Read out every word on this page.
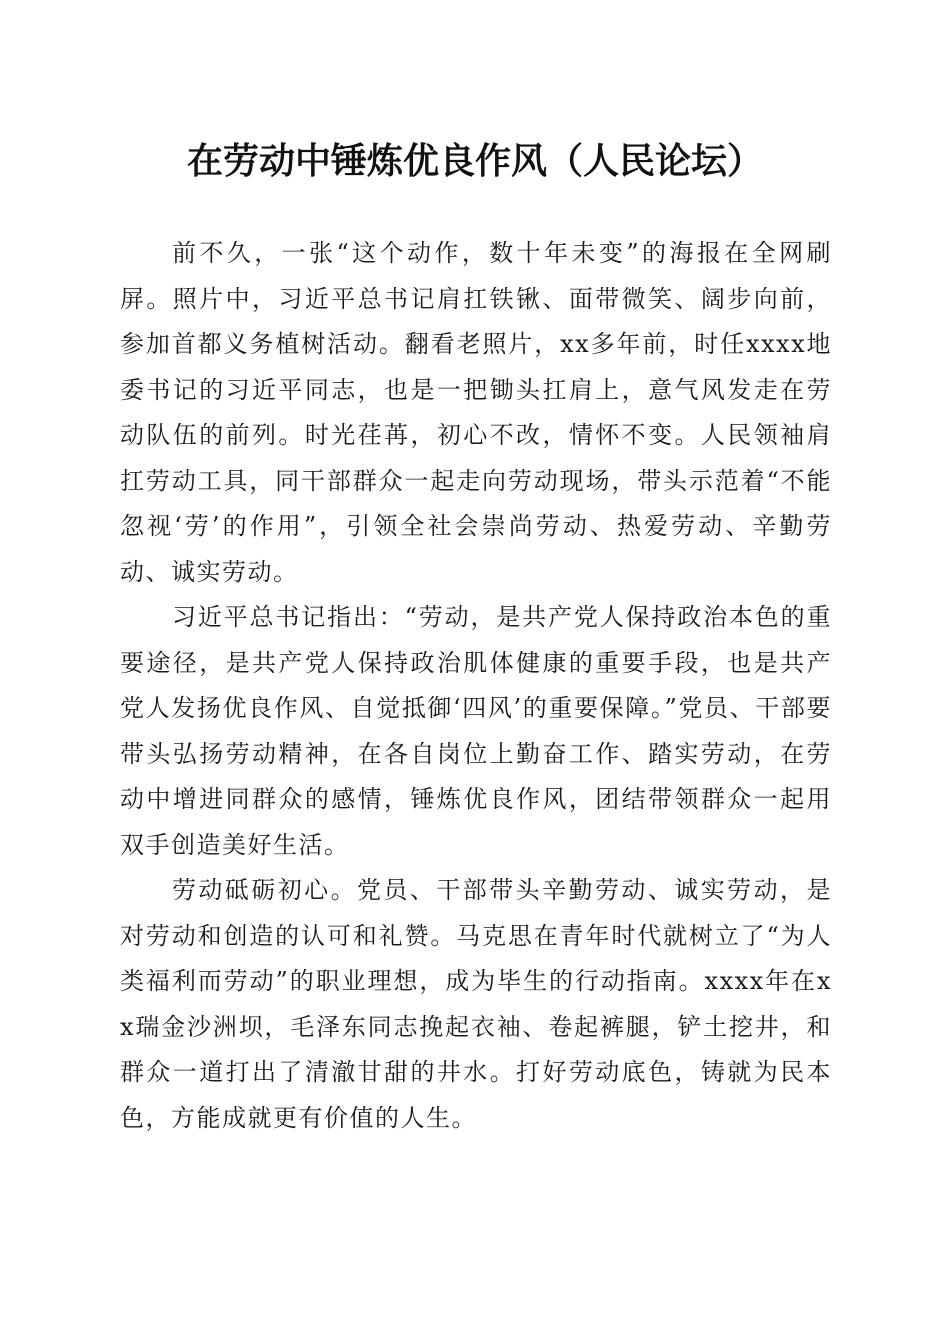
在劳动中锤炼优良作风（人民论坛）

前不久，一张“这个动作，数十年未变”的海报在全网刷屏。照片中，习近平总书记肩扛铁锹、面带微笑、阔步向前，参加首都义务植树活动。翻看老照片，xx多年前，时任xxxx地委书记的习近平同志，也是一把锄头扛肩上，意气风发走在劳动队伍的前列。时光荏苒，初心不改，情怀不变。人民领袖肩扛劳动工具，同干部群众一起走向劳动现场，带头示范着“不能忽视‘劳’的作用”，引领全社会崇尚劳动、热爱劳动、辛勤劳动、诚实劳动。

习近平总书记指出：“劳动，是共产党人保持政治本色的重要途径，是共产党人保持政治肌体健康的重要手段，也是共产党人发扬优良作风、自觉抵御‘四风’的重要保障。”党员、干部要带头弘扬劳动精神，在各自岗位上勤奋工作、踏实劳动，在劳动中增进同群众的感情，锤炼优良作风，团结带领群众一起用双手创造美好生活。

劳动砥砺初心。党员、干部带头辛勤劳动、诚实劳动，是对劳动和创造的认可和礼赞。马克思在青年时代就树立了“为人类福利而劳动”的职业理想，成为毕生的行动指南。xxxx年在xx瑞金沙洲坝，毛泽东同志挽起衣袖、卷起裤腿，铲土挖井，和群众一道打出了清澈甘甜的井水。打好劳动底色，铸就为民本色，方能成就更有价值的人生。
